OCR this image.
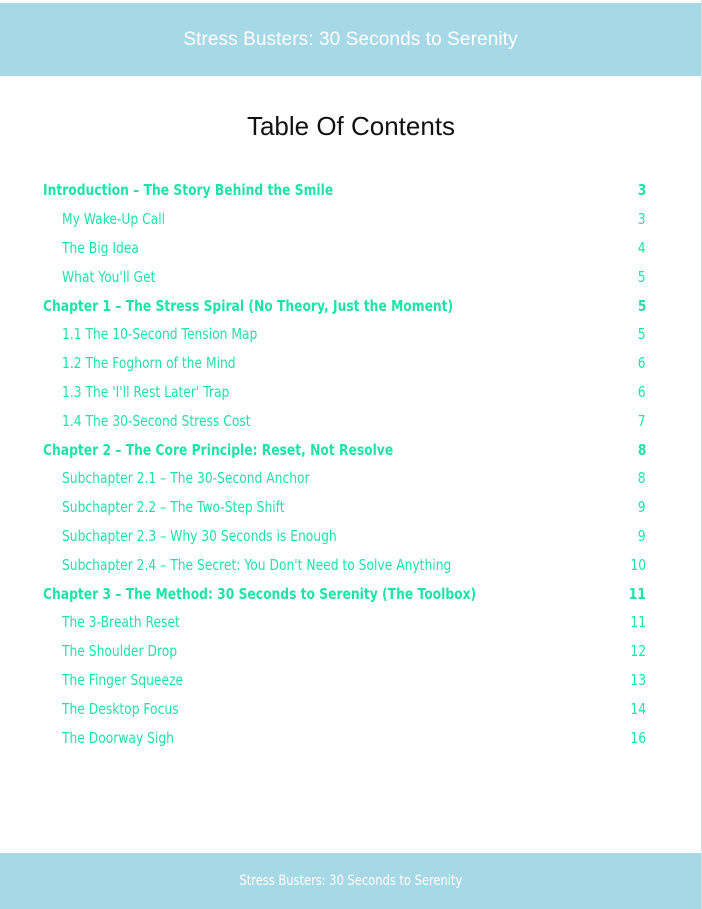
Stress Busters: 30 Seconds to Serenity
Table Of Contents
Introduction – The Story Behind the Smile	3
My Wake-Up Call	3
The Big Idea	4
What You'll Get	5
Chapter 1 – The Stress Spiral (No Theory, Just the Moment)	5
1.1 The 10-Second Tension Map	5
1.2 The Foghorn of the Mind	6
1.3 The 'I'll Rest Later' Trap	6
1.4 The 30-Second Stress Cost	7
Chapter 2 – The Core Principle: Reset, Not Resolve	8
Subchapter 2.1 – The 30-Second Anchor	8
Subchapter 2.2 – The Two-Step Shift	9
Subchapter 2.3 – Why 30 Seconds is Enough	9
Subchapter 2.4 – The Secret: You Don't Need to Solve Anything	10
Chapter 3 – The Method: 30 Seconds to Serenity (The Toolbox)	11
The 3-Breath Reset	11
The Shoulder Drop	12
The Finger Squeeze	13
The Desktop Focus	14
The Doorway Sigh	16
Stress Busters: 30 Seconds to Serenity
